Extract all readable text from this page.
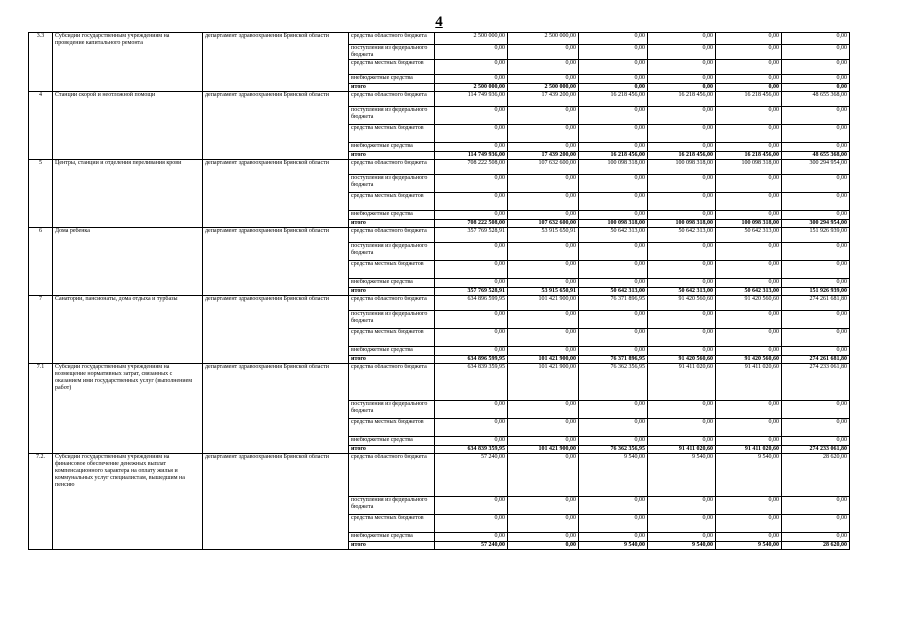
4
3.3	Субсидии государственным учреждениям на проведение капитального ремонта	департамент здравоохранения Брянской области	средства областного бюджета	2 500 000,00	2 500 000,00	0,00	0,00	0,00	0,00
			поступления из федерального бюджета	0,00	0,00	0,00	0,00	0,00	0,00
			средства местных бюджетов	0,00	0,00	0,00	0,00	0,00	0,00
			внебюджетные средства	0,00	0,00	0,00	0,00	0,00	0,00
			итого	2 500 000,00	2 500 000,00	0,00	0,00	0,00	0,00
4	Станции скорой и неотложной помощи	департамент здравоохранения Брянской области	средства областного бюджета	114 749 936,00	17 439 200,00	16 218 456,00	16 218 456,00	16 218 456,00	48 655 368,00
			поступления из федерального бюджета	0,00	0,00	0,00	0,00	0,00	0,00
			средства местных бюджетов	0,00	0,00	0,00	0,00	0,00	0,00
			внебюджетные средства	0,00	0,00	0,00	0,00	0,00	0,00
			итого	114 749 936,00	17 439 200,00	16 218 456,00	16 218 456,00	16 218 456,00	48 655 368,00
5	Центры, станции и отделения переливания крови	департамент здравоохранения Брянской области	средства областного бюджета	708 222 508,00	107 632 600,00	100 098 318,00	100 098 318,00	100 098 318,00	300 294 954,00
			поступления из федерального бюджета	0,00	0,00	0,00	0,00	0,00	0,00
			средства местных бюджетов	0,00	0,00	0,00	0,00	0,00	0,00
			внебюджетные средства	0,00	0,00	0,00	0,00	0,00	0,00
			итого	708 222 508,00	107 632 600,00	100 098 318,00	100 098 318,00	100 098 318,00	300 294 954,00
6	Дома ребенка	департамент здравоохранения Брянской области	средства областного бюджета	357 769 528,91	53 915 650,91	50 642 313,00	50 642 313,00	50 642 313,00	151 926 939,00
			поступления из федерального бюджета	0,00	0,00	0,00	0,00	0,00	0,00
			средства местных бюджетов	0,00	0,00	0,00	0,00	0,00	0,00
			внебюджетные средства	0,00	0,00	0,00	0,00	0,00	0,00
			итого	357 769 528,91	53 915 650,91	50 642 313,00	50 642 313,00	50 642 313,00	151 926 939,00
7	Санатории, пансионаты, дома отдыха и турбазы	департамент здравоохранения Брянской области	средства областного бюджета	634 896 599,95	101 421 900,00	76 371 896,95	91 420 560,60	91 420 560,60	274 261 681,80
			поступления из федерального бюджета	0,00	0,00	0,00	0,00	0,00	0,00
			средства местных бюджетов	0,00	0,00	0,00	0,00	0,00	0,00
			внебюджетные средства	0,00	0,00	0,00	0,00	0,00	0,00
			итого	634 896 599,95	101 421 900,00	76 371 896,95	91 420 560,60	91 420 560,60	274 261 681,80
7.1	Субсидии государственным учреждениям на возмещение нормативных затрат, связанных с оказанием ими государственных услуг (выполнением работ)	департамент здравоохранения Брянской области	средства областного бюджета	634 839 359,95	101 421 900,00	76 362 356,95	91 411 020,60	91 411 020,60	274 233 061,80
			поступления из федерального бюджета	0,00	0,00	0,00	0,00	0,00	0,00
			средства местных бюджетов	0,00	0,00	0,00	0,00	0,00	0,00
			внебюджетные средства	0,00	0,00	0,00	0,00	0,00	0,00
			итого	634 839 359,95	101 421 900,00	76 362 356,95	91 411 020,60	91 411 020,60	274 233 061,80
7.2.	Субсидии государственным учреждениям на финансовое обеспечение денежных выплат компенсационного характера на оплату жилья и коммунальных услуг специалистам, вышедшим на пенсию	департамент здравоохранения Брянской области	средства областного бюджета	57 240,00	0,00	9 540,00	9 540,00	9 540,00	28 620,00
			поступления из федерального бюджета	0,00	0,00	0,00	0,00	0,00	0,00
			средства местных бюджетов	0,00	0,00	0,00	0,00	0,00	0,00
			внебюджетные средства	0,00	0,00	0,00	0,00	0,00	0,00
			итого	57 240,00	0,00	9 540,00	9 540,00	9 540,00	28 620,00
